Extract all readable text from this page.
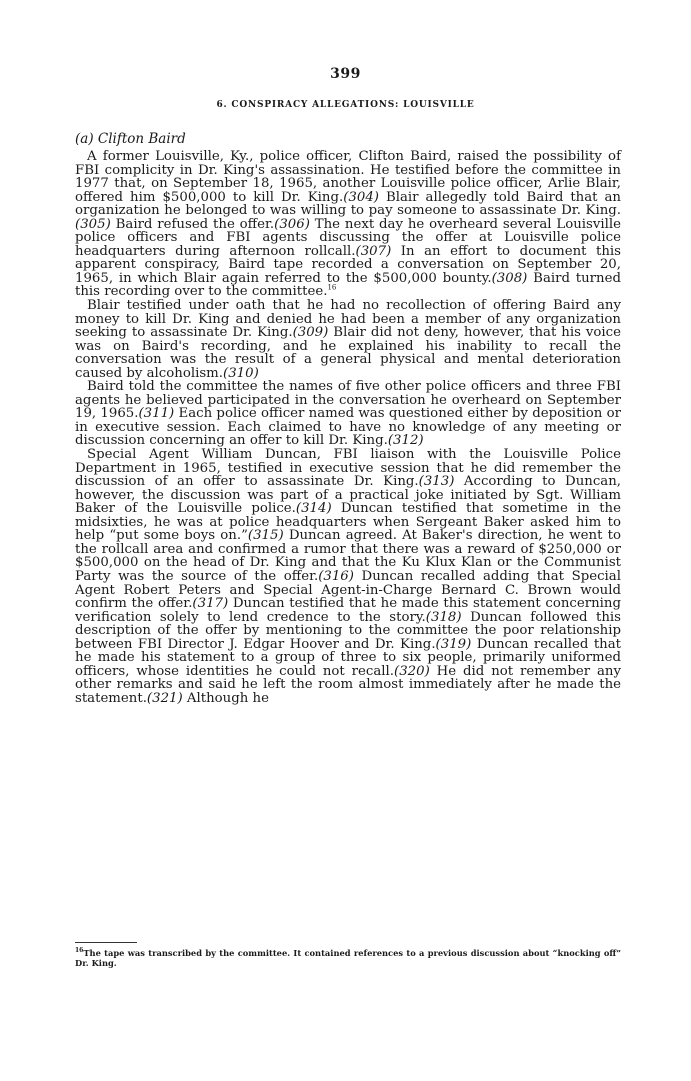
399
6. CONSPIRACY ALLEGATIONS: LOUISVILLE
(a) Clifton Baird

A former Louisville, Ky., police officer, Clifton Baird, raised the possibility of FBI complicity in Dr. King's assassination. He testified before the committee in 1977 that, on September 18, 1965, another Louisville police officer, Arlie Blair, offered him $500,000 to kill Dr. King.(304) Blair allegedly told Baird that an organization he belonged to was willing to pay someone to assassinate Dr. King.(305) Baird refused the offer.(306) The next day he overheard several Louisville police officers and FBI agents discussing the offer at Louisville police headquarters during afternoon rollcall.(307) In an effort to document this apparent conspiracy, Baird tape recorded a conversation on September 20, 1965, in which Blair again referred to the $500,000 bounty.(308) Baird turned this recording over to the committee.$^{16}$

Blair testified under oath that he had no recollection of offering Baird any money to kill Dr. King and denied he had been a member of any organization seeking to assassinate Dr. King.(309) Blair did not deny, however, that his voice was on Baird's recording, and he explained his inability to recall the conversation was the result of a general physical and mental deterioration caused by alcoholism.(310)

Baird told the committee the names of five other police officers and three FBI agents he believed participated in the conversation he overheard on September 19, 1965.(311) Each police officer named was questioned either by deposition or in executive session. Each claimed to have no knowledge of any meeting or discussion concerning an offer to kill Dr. King.(312)

Special Agent William Duncan, FBI liaison with the Louisville Police Department in 1965, testified in executive session that he did remember the discussion of an offer to assassinate Dr. King.(313) According to Duncan, however, the discussion was part of a practical joke initiated by Sgt. William Baker of the Louisville police.(314) Duncan testified that sometime in the midsixties, he was at police headquarters when Sergeant Baker asked him to help “put some boys on.”(315) Duncan agreed. At Baker's direction, he went to the rollcall area and confirmed a rumor that there was a reward of $250,000 or $500,000 on the head of Dr. King and that the Ku Klux Klan or the Communist Party was the source of the offer.(316) Duncan recalled adding that Special Agent Robert Peters and Special Agent-in-Charge Bernard C. Brown would confirm the offer.(317) Duncan testified that he made this statement concerning verification solely to lend credence to the story.(318) Duncan followed this description of the offer by mentioning to the committee the poor relationship between FBI Director J. Edgar Hoover and Dr. King.(319) Duncan recalled that he made his statement to a group of three to six people, primarily uniformed officers, whose identities he could not recall.(320) He did not remember any other remarks and said he left the room almost immediately after he made the statement.(321) Although he

$^{16}$The tape was transcribed by the committee. It contained references to a previous discussion about “knocking off” Dr. King.
